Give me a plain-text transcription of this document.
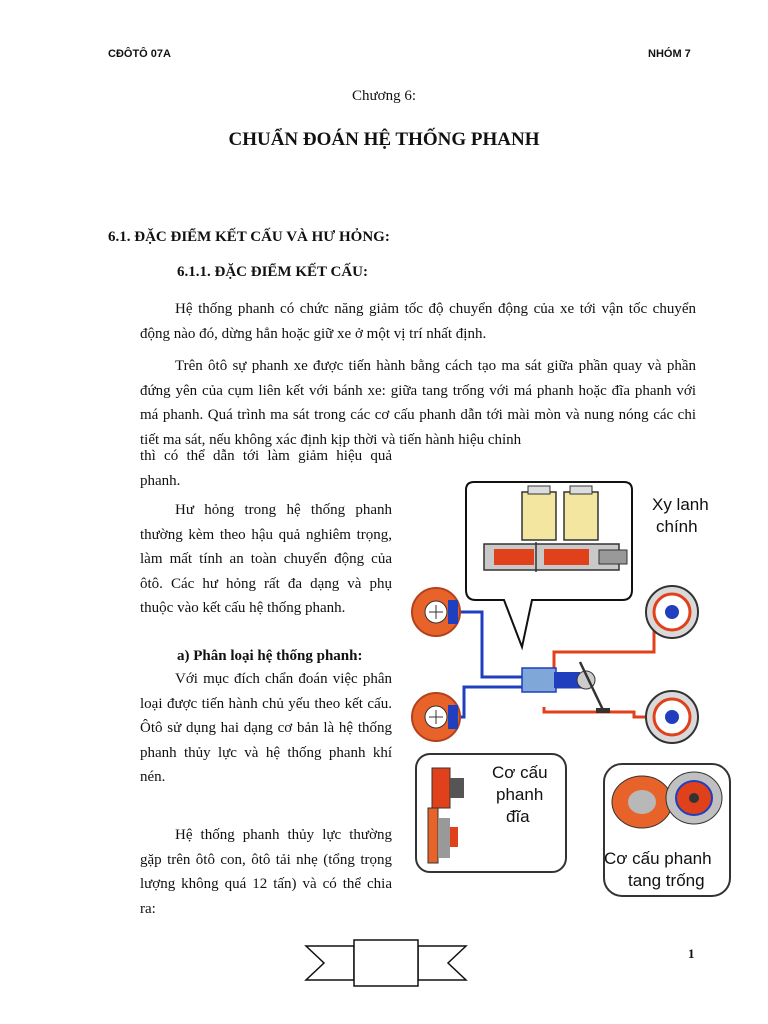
CĐÔTÔ 07A	NHÓM 7
Chương 6:
CHUẨN ĐOÁN HỆ THỐNG PHANH
6.1. ĐẶC ĐIỂM KẾT CẤU VÀ HƯ HỎNG:
6.1.1. ĐẶC ĐIỂM KẾT CẤU:
Hệ thống phanh có chức năng giảm tốc độ chuyển động của xe tới vận tốc chuyển động nào đó, dừng hẳn hoặc giữ xe ở một vị trí nhất định.
Trên ôtô sự phanh xe được tiến hành bằng cách tạo ma sát giữa phần quay và phần đứng yên của cụm liên kết với bánh xe: giữa tang trống với má phanh hoặc đĩa phanh với má phanh. Quá trình ma sát trong các cơ cấu phanh dẫn tới mài mòn và nung nóng các chi tiết ma sát, nếu không xác định kịp thời và tiến hành hiệu chỉnh
thì có thể dẫn tới làm giảm hiệu quả phanh.
Hư hỏng trong hệ thống phanh thường kèm theo hậu quả nghiêm trọng, làm mất tính an toàn chuyển động của ôtô. Các hư hỏng rất đa dạng và phụ thuộc vào kết cấu hệ thống phanh.
a) Phân loại hệ thống phanh:
Với mục đích chẩn đoán việc phân loại được tiến hành chủ yếu theo kết cấu. Ôtô sử dụng hai dạng cơ bản là hệ thống phanh thủy lực và hệ thống phanh khí nén.
Hệ thống phanh thủy lực thường gặp trên ôtô con, ôtô tải nhẹ (tổng trọng lượng không quá 12 tấn) và có thể chia ra:
Xy lanh
chính
Cơ cấu
phanh
đĩa
Cơ cấu phanh
tang trống
1
